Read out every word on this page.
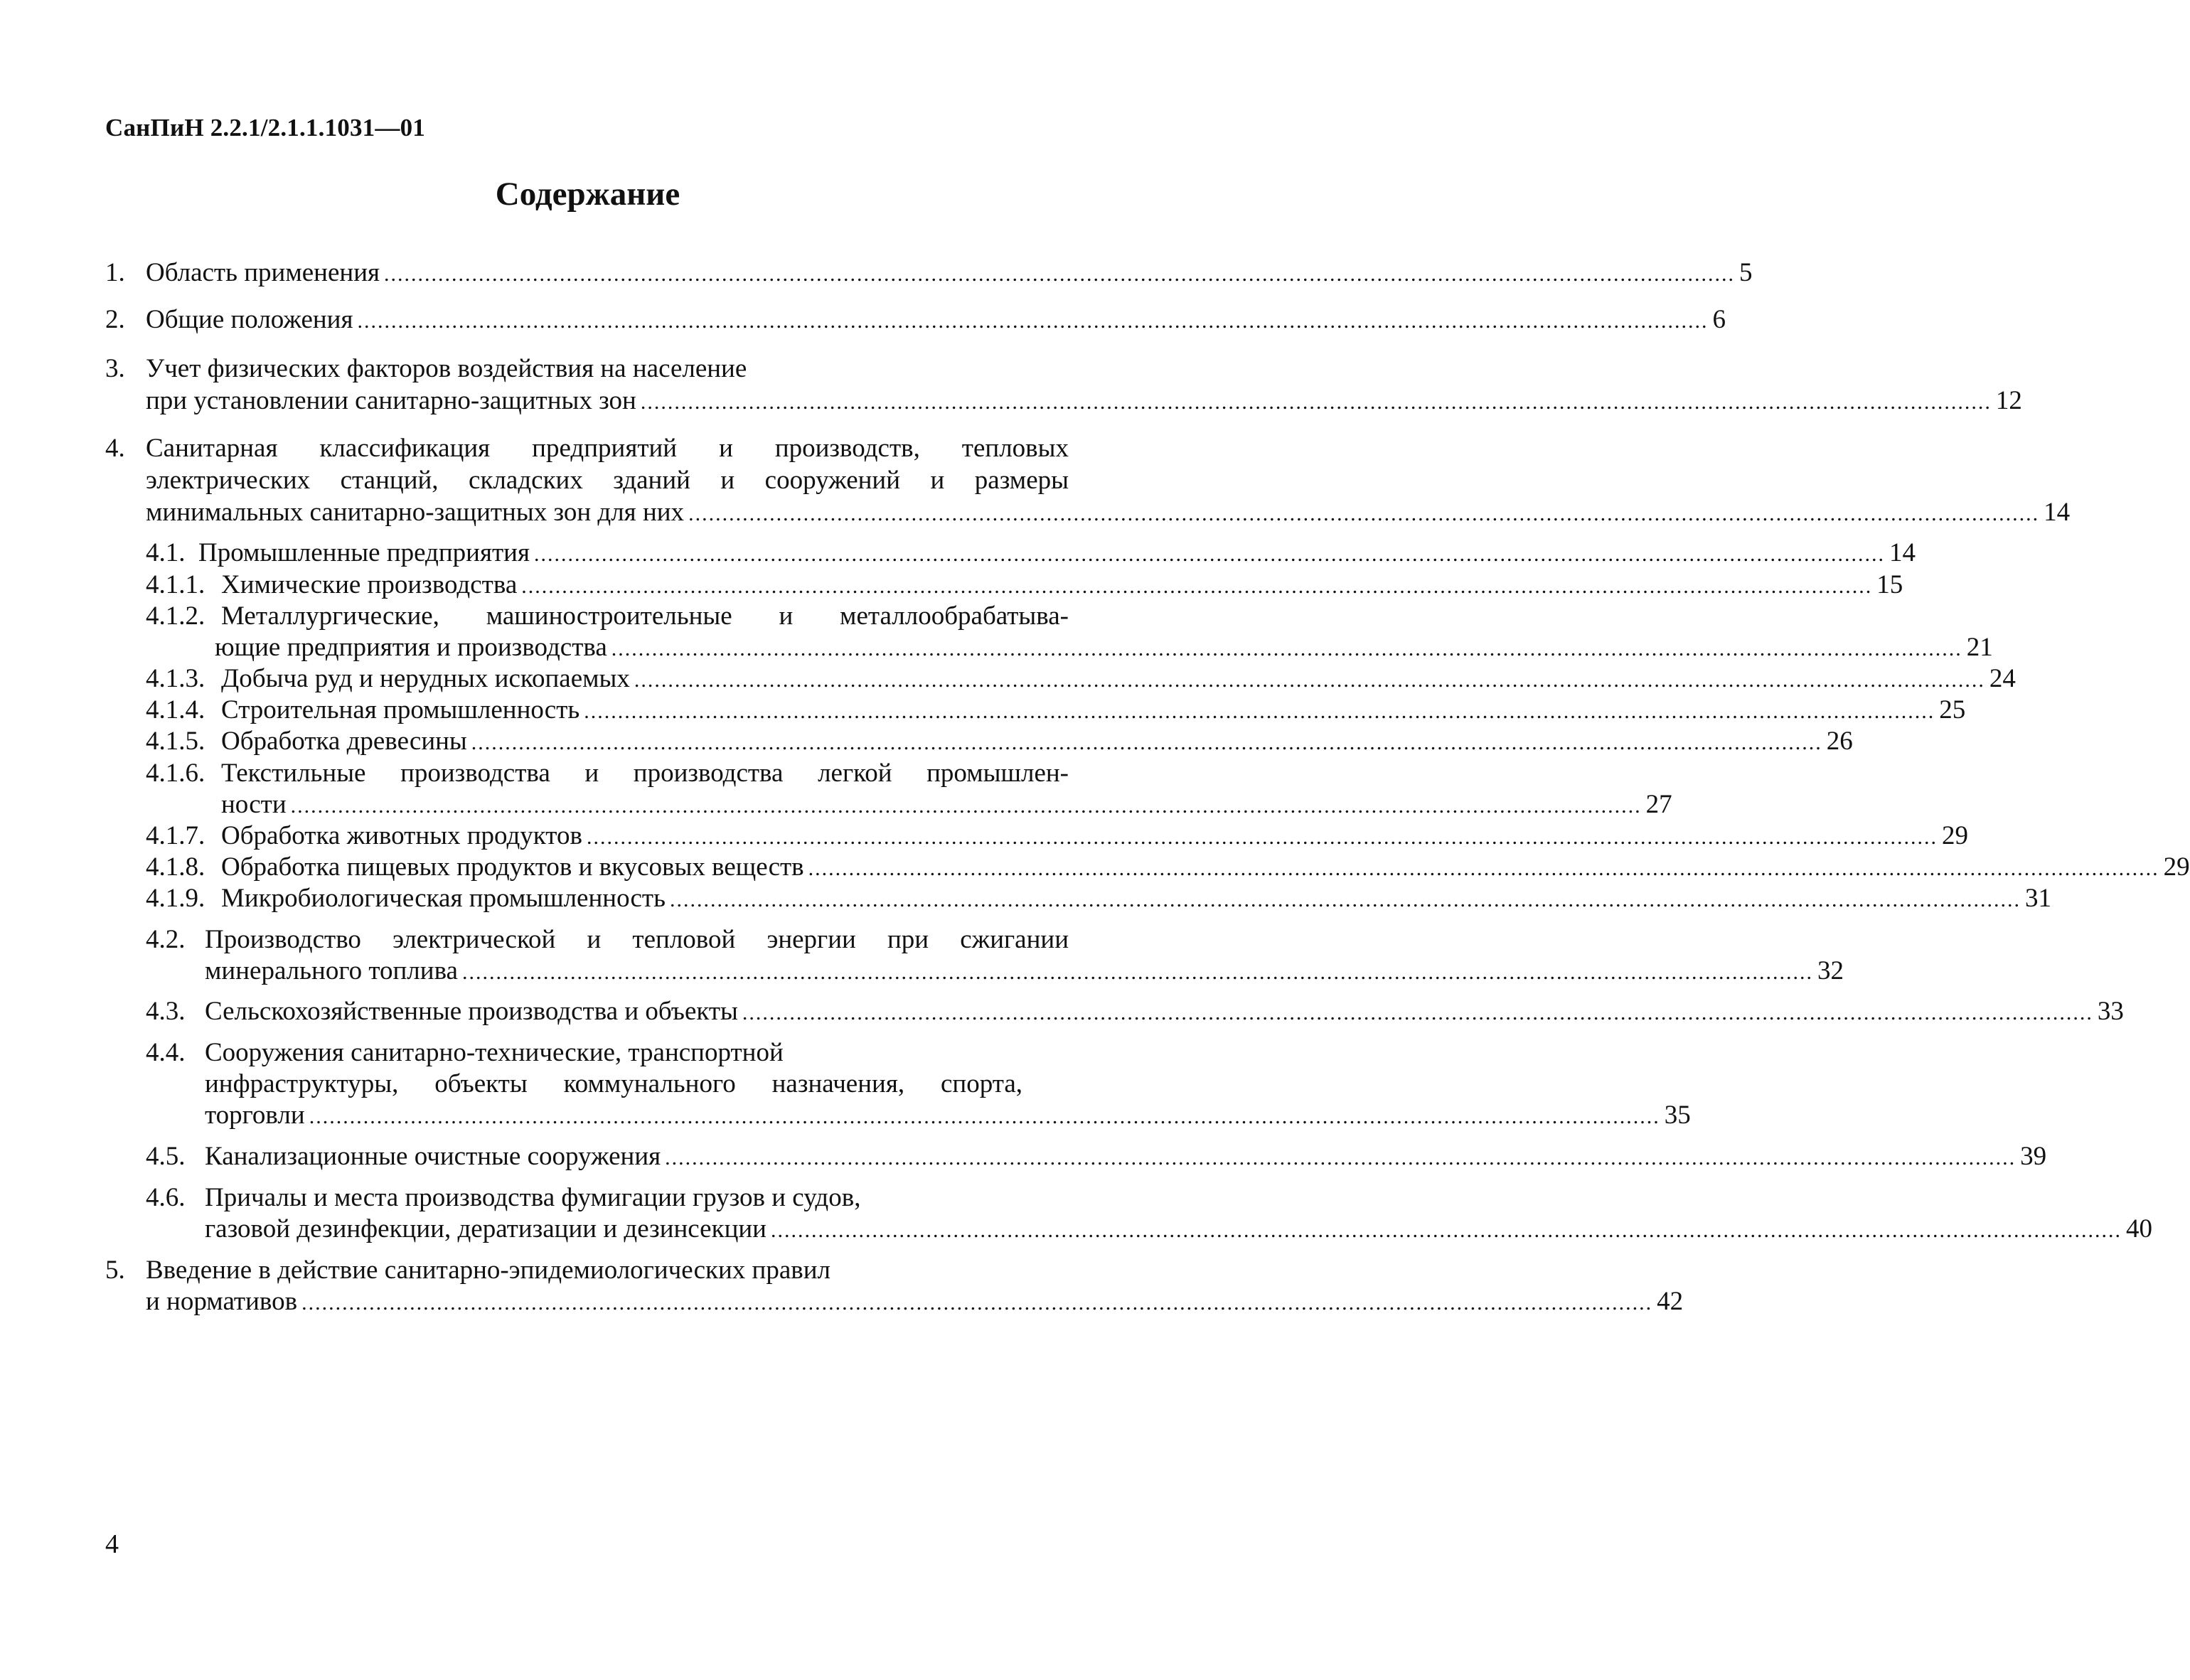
СанПиН 2.2.1/2.1.1.1031—01
Содержание
1. Область применения ........................................................................................................................................................................................................ 5
2. Общие положения ........................................................................................................................................................................................................ 6
3. Учет физических факторов воздействия на население
при установлении санитарно-защитных зон ........................................................................................................................................................................................................ 12
4. Санитарная классификация предприятий и производств, тепловых
электрических станций, складских зданий и сооружений и размеры
минимальных санитарно-защитных зон для них ........................................................................................................................................................................................................ 14
4.1. Промышленные предприятия ........................................................................................................................................................................................................ 14
4.1.1. Химические производства ........................................................................................................................................................................................................ 15
4.1.2. Металлургические, машиностроительные и металлообрабатыва-
ющие предприятия и производства ........................................................................................................................................................................................................ 21
4.1.3. Добыча руд и нерудных ископаемых ........................................................................................................................................................................................................ 24
4.1.4. Строительная промышленность ........................................................................................................................................................................................................ 25
4.1.5. Обработка древесины ........................................................................................................................................................................................................ 26
4.1.6. Текстильные производства и производства легкой промышлен-
ности ........................................................................................................................................................................................................ 27
4.1.7. Обработка животных продуктов ........................................................................................................................................................................................................ 29
4.1.8. Обработка пищевых продуктов и вкусовых веществ ........................................................................................................................................................................................................ 29
4.1.9. Микробиологическая промышленность ........................................................................................................................................................................................................ 31
4.2. Производство электрической и тепловой энергии при сжигании
минерального топлива ........................................................................................................................................................................................................ 32
4.3. Сельскохозяйственные производства и объекты ........................................................................................................................................................................................................ 33
4.4. Сооружения санитарно-технические, транспортной
инфраструктуры, объекты коммунального назначения, спорта,
торговли ........................................................................................................................................................................................................ 35
4.5. Канализационные очистные сооружения ........................................................................................................................................................................................................ 39
4.6. Причалы и места производства фумигации грузов и судов,
газовой дезинфекции, дератизации и дезинсекции ........................................................................................................................................................................................................ 40
5. Введение в действие санитарно-эпидемиологических правил
и нормативов ........................................................................................................................................................................................................ 42
4
